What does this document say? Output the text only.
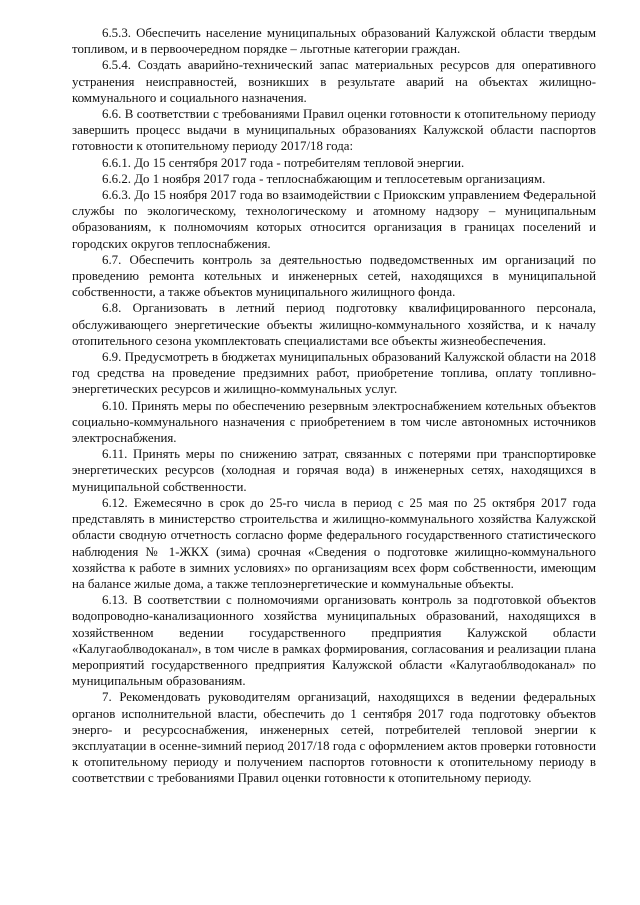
6.5.3. Обеспечить население муниципальных образований Калужской области твердым топливом, и в первоочередном порядке – льготные категории граждан.

6.5.4. Создать аварийно-технический запас материальных ресурсов для оперативного устранения неисправностей, возникших в результате аварий на объектах жилищно-коммунального и социального назначения.

6.6. В соответствии с требованиями Правил оценки готовности к отопительному периоду завершить процесс выдачи в муниципальных образованиях Калужской области паспортов готовности к отопительному периоду 2017/18 года:

6.6.1. До 15 сентября 2017 года - потребителям тепловой энергии.

6.6.2. До 1 ноября 2017 года - теплоснабжающим и теплосетевым организациям.

6.6.3. До 15 ноября 2017 года во взаимодействии с Приокским управлением Федеральной службы по экологическому, технологическому и атомному надзору – муниципальным образованиям, к полномочиям которых относится организация в границах поселений и городских округов теплоснабжения.

6.7. Обеспечить контроль за деятельностью подведомственных им организаций по проведению ремонта котельных и инженерных сетей, находящихся в муниципальной собственности, а также объектов муниципального жилищного фонда.

6.8. Организовать в летний период подготовку квалифицированного персонала, обслуживающего энергетические объекты жилищно-коммунального хозяйства, и к началу отопительного сезона укомплектовать специалистами все объекты жизнеобеспечения.

6.9. Предусмотреть в бюджетах муниципальных образований Калужской области на 2018 год средства на проведение предзимних работ, приобретение топлива, оплату топливно-энергетических ресурсов и жилищно-коммунальных услуг.

6.10. Принять меры по обеспечению резервным электроснабжением котельных объектов социально-коммунального назначения с приобретением в том числе автономных источников электроснабжения.

6.11. Принять меры по снижению затрат, связанных с потерями при транспортировке энергетических ресурсов (холодная и горячая вода) в инженерных сетях, находящихся в муниципальной собственности.

6.12. Ежемесячно в срок до 25-го числа в период с 25 мая по 25 октября 2017 года представлять в министерство строительства и жилищно-коммунального хозяйства Калужской области сводную отчетность согласно форме федерального государственного статистического наблюдения № 1-ЖКХ (зима) срочная «Сведения о подготовке жилищно-коммунального хозяйства к работе в зимних условиях» по организациям всех форм собственности, имеющим на балансе жилые дома, а также теплоэнергетические и коммунальные объекты.

6.13. В соответствии с полномочиями организовать контроль за подготовкой объектов водопроводно-канализационного хозяйства муниципальных образований, находящихся в хозяйственном ведении государственного предприятия Калужской области «Калугаоблводоканал», в том числе в рамках формирования, согласования и реализации плана мероприятий государственного предприятия Калужской области «Калугаоблводоканал» по муниципальным образованиям.

7. Рекомендовать руководителям организаций, находящихся в ведении федеральных органов исполнительной власти, обеспечить до 1 сентября 2017 года подготовку объектов энерго- и ресурсоснабжения, инженерных сетей, потребителей тепловой энергии к эксплуатации в осенне-зимний период 2017/18 года с оформлением актов проверки готовности к отопительному периоду и получением паспортов готовности к отопительному периоду в соответствии с требованиями Правил оценки готовности к отопительному периоду.
